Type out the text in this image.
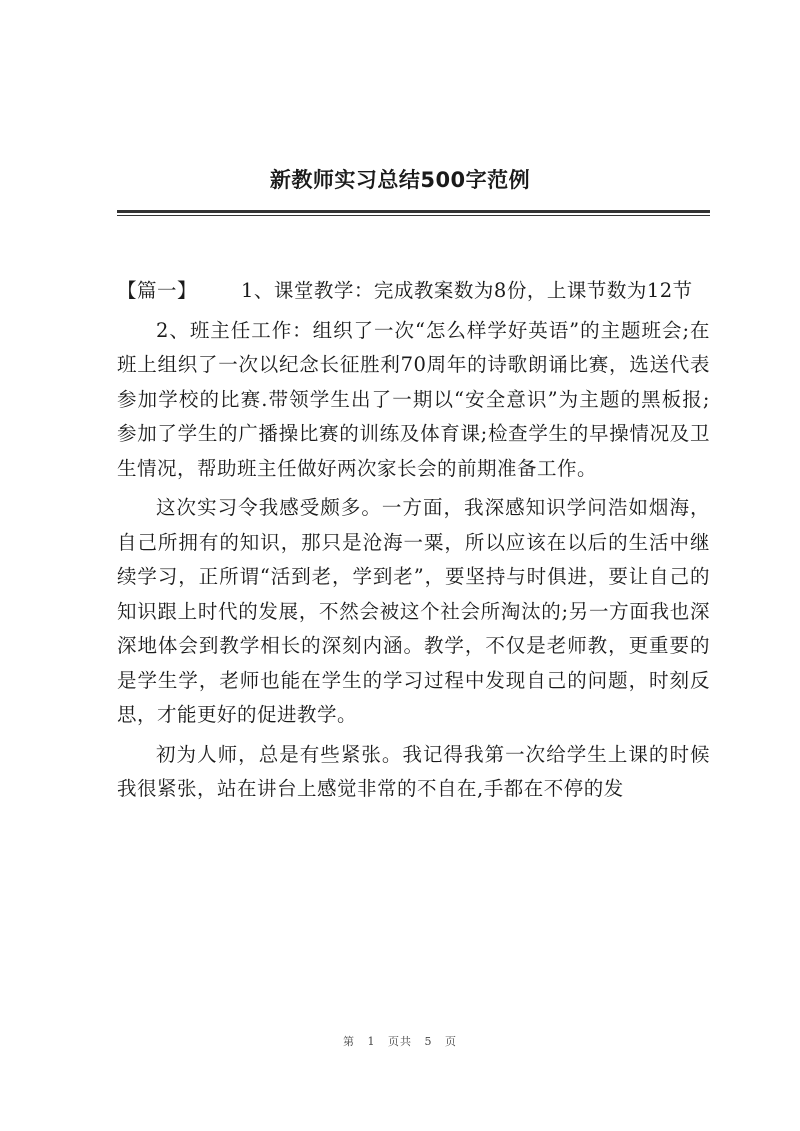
新教师实习总结500字范例

【篇一】 1、课堂教学：完成教案数为8份，上课节数为12节

2、班主任工作：组织了一次“怎么样学好英语”的主题班会;在班上组织了一次以纪念长征胜利70周年的诗歌朗诵比赛，选送代表参加学校的比赛.带领学生出了一期以“安全意识”为主题的黑板报;参加了学生的广播操比赛的训练及体育课;检查学生的早操情况及卫生情况，帮助班主任做好两次家长会的前期准备工作。

这次实习令我感受颇多。一方面，我深感知识学问浩如烟海，自己所拥有的知识，那只是沧海一粟，所以应该在以后的生活中继续学习，正所谓“活到老，学到老”，要坚持与时俱进，要让自己的知识跟上时代的发展，不然会被这个社会所淘汰的;另一方面我也深深地体会到教学相长的深刻内涵。教学，不仅是老师教，更重要的是学生学，老师也能在学生的学习过程中发现自己的问题，时刻反思，才能更好的促进教学。

初为人师，总是有些紧张。我记得我第一次给学生上课的时候我很紧张，站在讲台上感觉非常的不自在,手都在不停的发

第 1 页共 5 页
